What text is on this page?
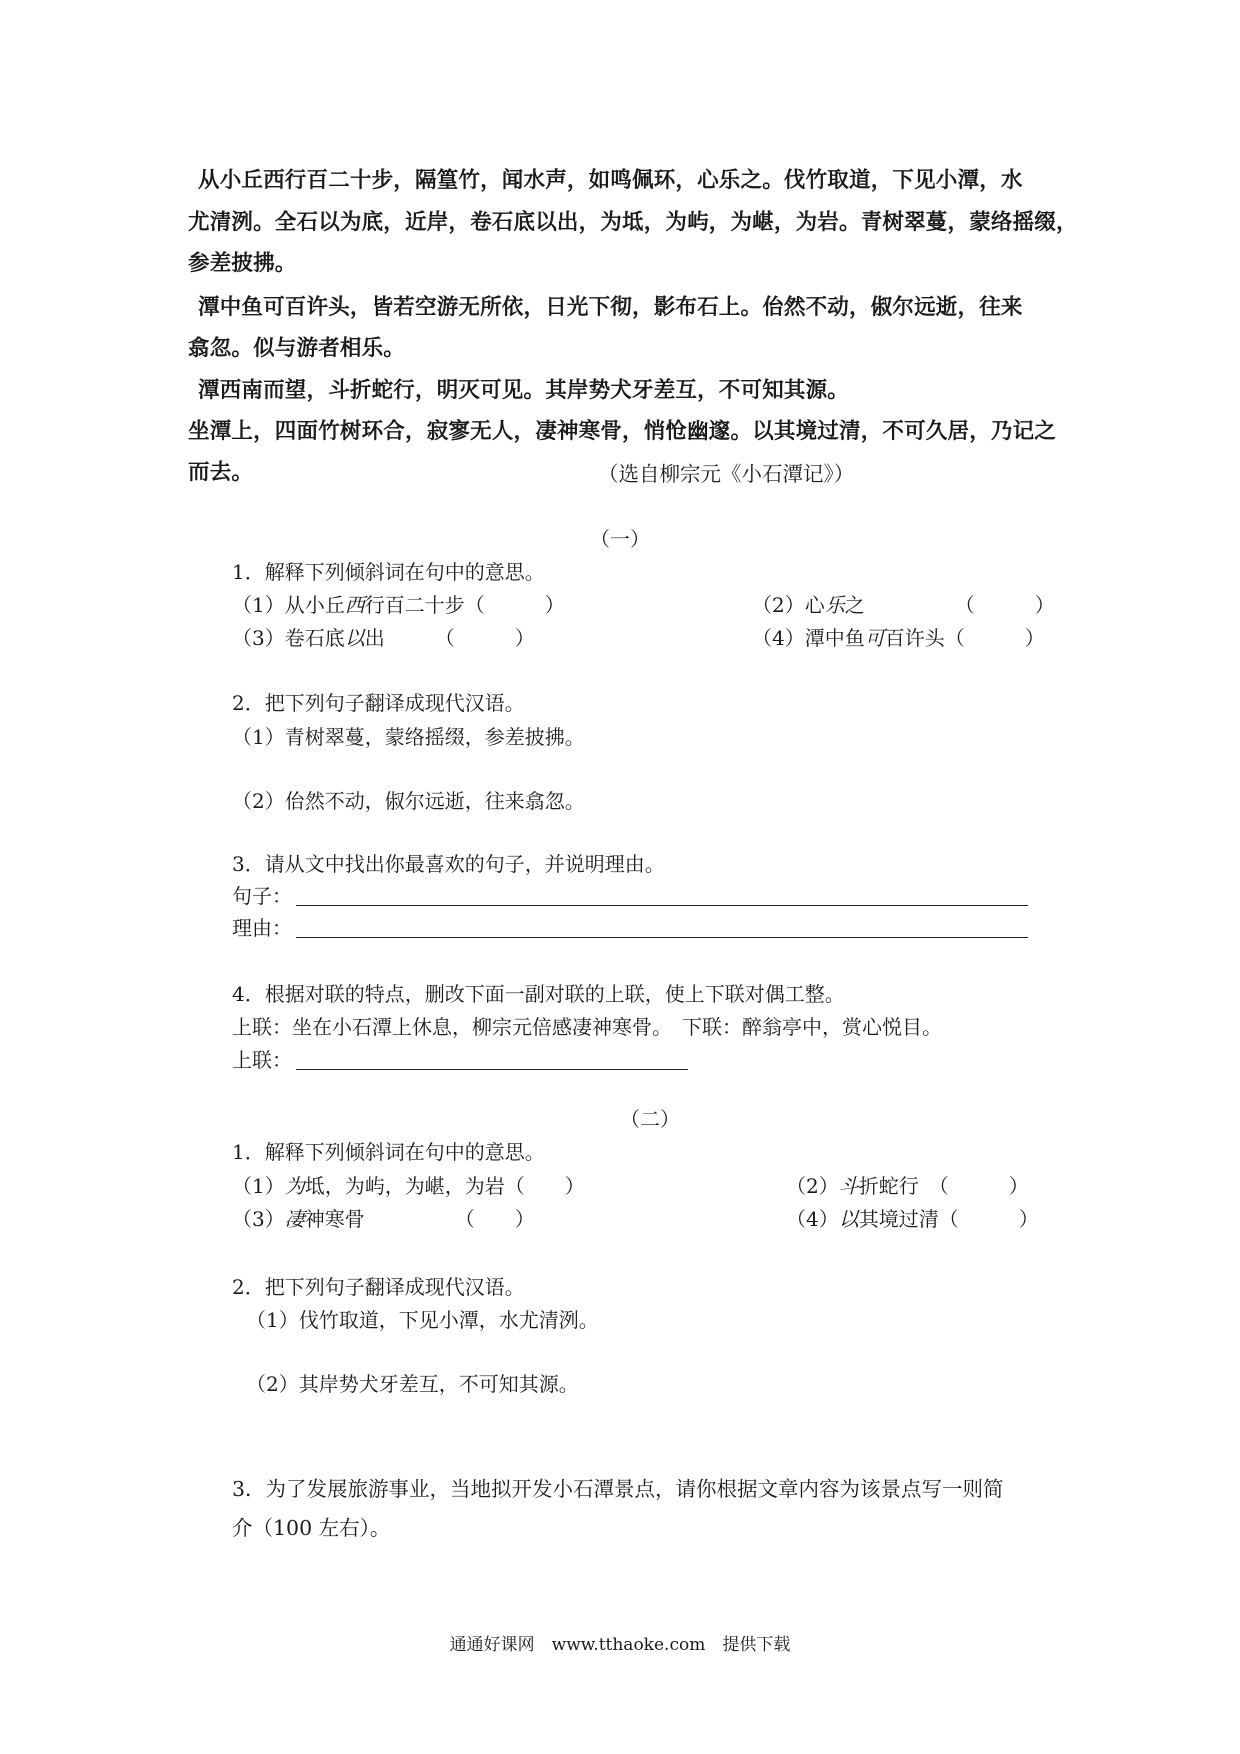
从小丘西行百二十步，隔篁竹，闻水声，如鸣佩环，心乐之。伐竹取道，下见小潭，水
尤清洌。全石以为底，近岸，卷石底以出，为坻，为屿，为嵁，为岩。青树翠蔓，蒙络摇缀，
参差披拂。
潭中鱼可百许头，皆若空游无所依，日光下彻，影布石上。佁然不动，俶尔远逝，往来
翕忽。似与游者相乐。
潭西南而望，斗折蛇行，明灭可见。其岸势犬牙差互，不可知其源。
坐潭上，四面竹树环合，寂寥无人，凄神寒骨，悄怆幽邃。以其境过清，不可久居，乃记之
而去。	（选自柳宗元《小石潭记》）
（一）
1．解释下列倾斜词在句中的意思。
（1）从小丘西行百二十步（　　　）	（2）心乐之　　　　　（　　　）
（3）卷石底以出　　　（　　　）	（4）潭中鱼可百许头（　　　）
2．把下列句子翻译成现代汉语。
（1）青树翠蔓，蒙络摇缀，参差披拂。
（2）佁然不动，俶尔远逝，往来翕忽。
3．请从文中找出你最喜欢的句子，并说明理由。
句子：
理由：
4．根据对联的特点，删改下面一副对联的上联，使上下联对偶工整。
上联：坐在小石潭上休息，柳宗元倍感凄神寒骨。　下联：醉翁亭中，赏心悦目。
上联：
（二）
1．解释下列倾斜词在句中的意思。
（1）为坻，为屿，为嵁，为岩（　　）	（2）斗折蛇行　（　　　）
（3）凄神寒骨　　　　　（　　）	（4）以其境过清（　　　）
2．把下列句子翻译成现代汉语。
（1）伐竹取道，下见小潭，水尤清洌。
（2）其岸势犬牙差互，不可知其源。
3．为了发展旅游事业，当地拟开发小石潭景点，请你根据文章内容为该景点写一则简
介（100 左右）。
通通好课网　www.tthaoke.com　提供下载
